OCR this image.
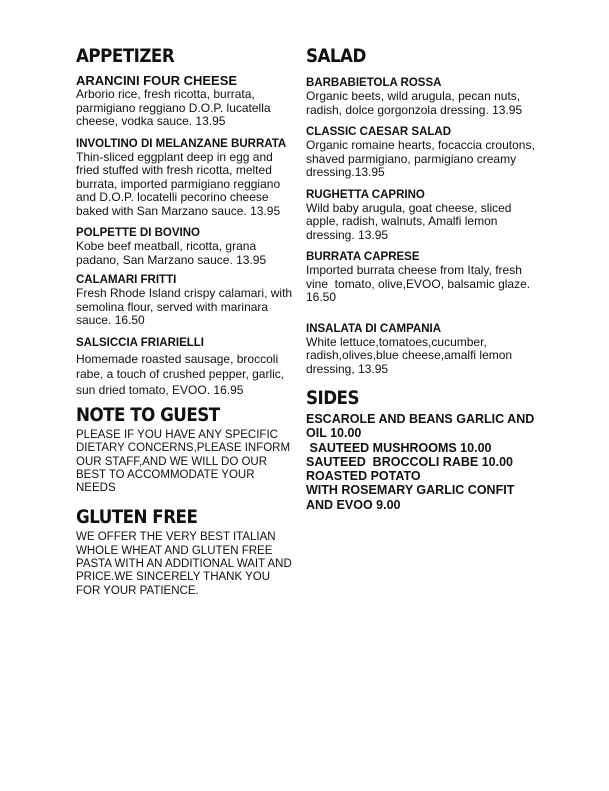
APPETIZER
ARANCINI FOUR CHEESE
Arborio rice, fresh ricotta, burrata, parmigiano reggiano D.O.P. lucatella cheese, vodka sauce. 13.95
INVOLTINO DI MELANZANE BURRATA
Thin-sliced eggplant deep in egg and fried stuffed with fresh ricotta, melted burrata, imported parmigiano reggiano and D.O.P. locatelli pecorino cheese baked with San Marzano sauce. 13.95
POLPETTE DI BOVINO
Kobe beef meatball, ricotta, grana padano, San Marzano sauce. 13.95
CALAMARI FRITTI
Fresh Rhode Island crispy calamari, with semolina flour, served with marinara sauce. 16.50
SALSICCIA FRIARIELLI
Homemade roasted sausage, broccoli rabe, a touch of crushed pepper, garlic, sun dried tomato, EVOO. 16.95
NOTE TO GUEST
PLEASE IF YOU HAVE ANY SPECIFIC DIETARY CONCERNS,PLEASE INFORM OUR STAFF,AND WE WILL DO OUR BEST TO ACCOMMODATE YOUR NEEDS
GLUTEN FREE
WE OFFER THE VERY BEST ITALIAN WHOLE WHEAT AND GLUTEN FREE PASTA WITH AN ADDITIONAL WAIT AND PRICE.WE SINCERELY THANK YOU FOR YOUR PATIENCE.
SALAD
BARBABIETOLA ROSSA
Organic beets, wild arugula, pecan nuts, radish, dolce gorgonzola dressing. 13.95
CLASSIC CAESAR SALAD
Organic romaine hearts, focaccia croutons, shaved parmigiano, parmigiano creamy dressing.13.95
RUGHETTA CAPRINO
Wild baby arugula, goat cheese, sliced apple, radish, walnuts, Amalfi lemon dressing. 13.95
BURRATA CAPRESE
Imported burrata cheese from Italy, fresh vine  tomato, olive,EVOO, balsamic glaze.      16.50
INSALATA DI CAMPANIA
White lettuce,tomatoes,cucumber, radish,olives,blue cheese,amalfi lemon dressing, 13.95
SIDES
ESCAROLE AND BEANS GARLIC AND OIL 10.00
SAUTEED MUSHROOMS 10.00
SAUTEED  BROCCOLI RABE 10.00
ROASTED POTATO
WITH ROSEMARY GARLIC CONFIT AND EVOO 9.00
